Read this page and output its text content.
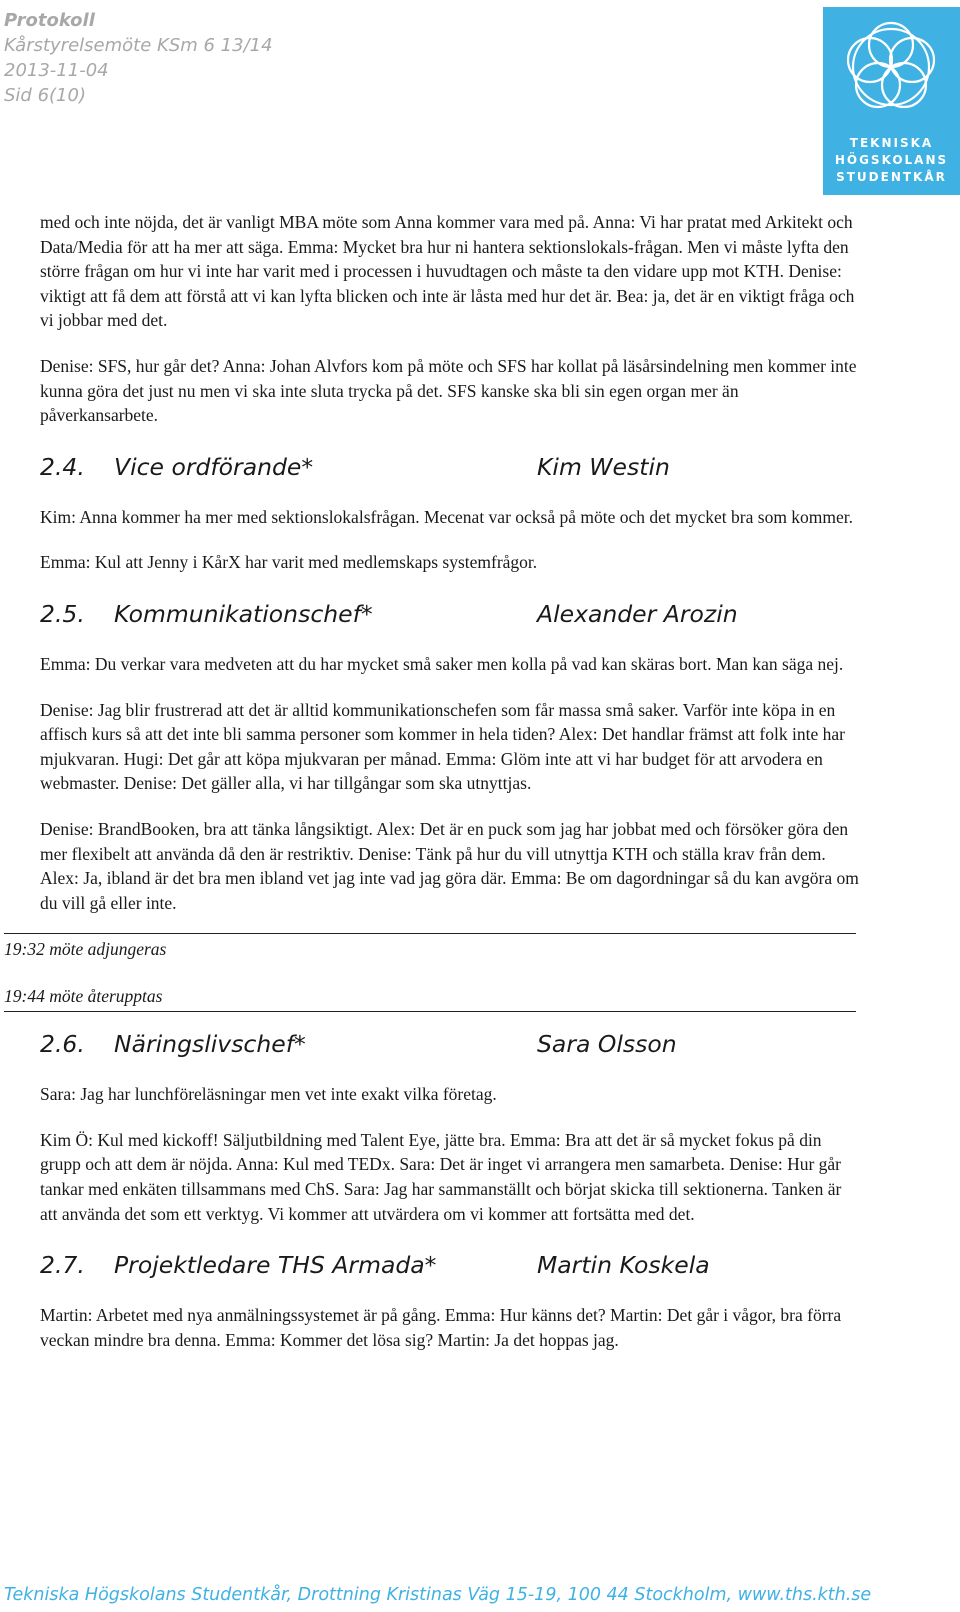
Protokoll
Kårstyrelsemöte KSm 6 13/14
2013-11-04
Sid 6(10)
TEKNISKA
HÖGSKOLANS
STUDENTKÅR

med och inte nöjda, det är vanligt MBA möte som Anna kommer vara med på. Anna: Vi har pratat med Arkitekt och Data/Media för att ha mer att säga. Emma: Mycket bra hur ni hantera sektionslokals-frågan. Men vi måste lyfta den större frågan om hur vi inte har varit med i processen i huvudtagen och måste ta den vidare upp mot KTH. Denise: viktigt att få dem att förstå att vi kan lyfta blicken och inte är låsta med hur det är. Bea: ja, det är en viktigt fråga och vi jobbar med det.

Denise: SFS, hur går det? Anna: Johan Alvfors kom på möte och SFS har kollat på läsårsindelning men kommer inte kunna göra det just nu men vi ska inte sluta trycka på det. SFS kanske ska bli sin egen organ mer än påverkansarbete.

2.4. Vice ordförande*	Kim Westin

Kim: Anna kommer ha mer med sektionslokalsfrågan. Mecenat var också på möte och det mycket bra som kommer.

Emma: Kul att Jenny i KårX har varit med medlemskaps systemfrågor.

2.5. Kommunikationschef*	Alexander Arozin

Emma: Du verkar vara medveten att du har mycket små saker men kolla på vad kan skäras bort. Man kan säga nej.

Denise: Jag blir frustrerad att det är alltid kommunikationschefen som får massa små saker. Varför inte köpa in en affisch kurs så att det inte bli samma personer som kommer in hela tiden? Alex: Det handlar främst att folk inte har mjukvaran. Hugi: Det går att köpa mjukvaran per månad. Emma: Glöm inte att vi har budget för att arvodera en webmaster. Denise: Det gäller alla, vi har tillgångar som ska utnyttjas.

Denise: BrandBooken, bra att tänka långsiktigt. Alex: Det är en puck som jag har jobbat med och försöker göra den mer flexibelt att använda då den är restriktiv. Denise: Tänk på hur du vill utnyttja KTH och ställa krav från dem. Alex: Ja, ibland är det bra men ibland vet jag inte vad jag göra där. Emma: Be om dagordningar så du kan avgöra om du vill gå eller inte.

19:32 möte adjungeras
19:44 möte återupptas
2.6. Näringslivschef*	Sara Olsson

Sara: Jag har lunchföreläsningar men vet inte exakt vilka företag.

Kim Ö: Kul med kickoff! Säljutbildning med Talent Eye, jätte bra. Emma: Bra att det är så mycket fokus på din grupp och att dem är nöjda. Anna: Kul med TEDx. Sara: Det är inget vi arrangera men samarbeta. Denise: Hur går tankar med enkäten tillsammans med ChS. Sara: Jag har sammanställt och börjat skicka till sektionerna. Tanken är att använda det som ett verktyg. Vi kommer att utvärdera om vi kommer att fortsätta med det.

2.7. Projektledare THS Armada*	Martin Koskela

Martin: Arbetet med nya anmälningssystemet är på gång. Emma: Hur känns det? Martin: Det går i vågor, bra förra veckan mindre bra denna. Emma: Kommer det lösa sig? Martin: Ja det hoppas jag.

Tekniska Högskolans Studentkår, Drottning Kristinas Väg 15-19, 100 44 Stockholm, www.ths.kth.se
